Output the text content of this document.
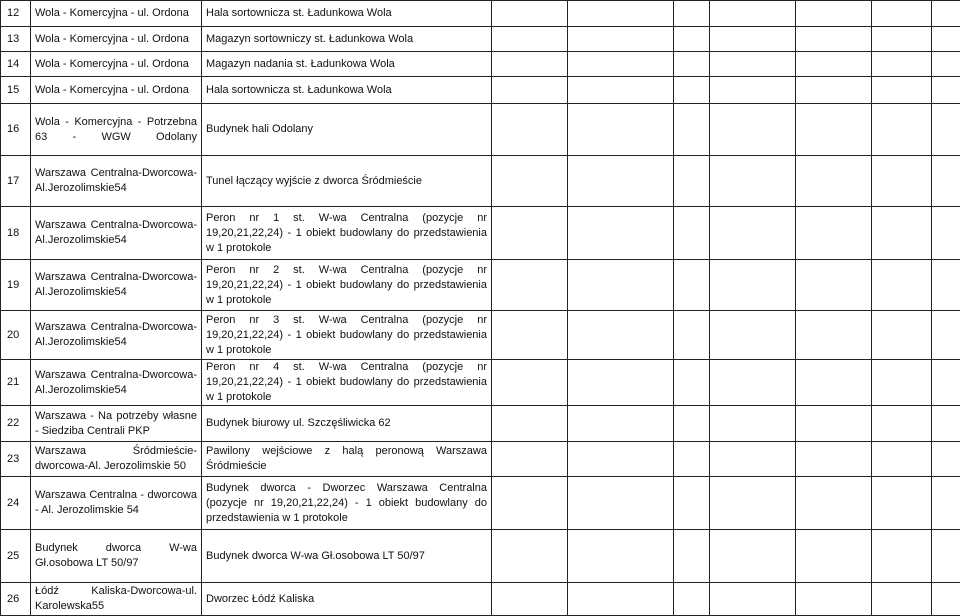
12	Wola - Komercyjna - ul. Ordona	Hala sortownicza st. Ładunkowa Wola							
13	Wola - Komercyjna - ul. Ordona	Magazyn sortowniczy st. Ładunkowa Wola							
14	Wola - Komercyjna - ul. Ordona	Magazyn nadania st. Ładunkowa Wola							
15	Wola - Komercyjna - ul. Ordona	Hala sortownicza st. Ładunkowa Wola							
16	Wola - Komercyjna - Potrzebna 63 - WGW Odolany	Budynek hali Odolany							
17	Warszawa Centralna-Dworcowa-Al.Jerozolimskie54	Tunel łączący wyjście z dworca Śródmieście							
18	Warszawa Centralna-Dworcowa-Al.Jerozolimskie54	Peron nr 1 st. W-wa Centralna (pozycje nr 19,20,21,22,24) - 1 obiekt budowlany do przedstawienia w 1 protokole							
19	Warszawa Centralna-Dworcowa-Al.Jerozolimskie54	Peron nr 2 st. W-wa Centralna (pozycje nr 19,20,21,22,24) - 1 obiekt budowlany do przedstawienia w 1 protokole							
20	Warszawa Centralna-Dworcowa-Al.Jerozolimskie54	Peron nr 3 st. W-wa Centralna (pozycje nr 19,20,21,22,24) - 1 obiekt budowlany do przedstawienia w 1 protokole							
21	Warszawa Centralna-Dworcowa-Al.Jerozolimskie54	Peron nr 4 st. W-wa Centralna (pozycje nr 19,20,21,22,24) - 1 obiekt budowlany do przedstawienia w 1 protokole							
22	Warszawa - Na potrzeby własne - Siedziba Centrali PKP	Budynek biurowy ul. Szczęśliwicka 62							
23	Warszawa Śródmieście-dworcowa-Al. Jerozolimskie 50	Pawilony wejściowe z halą peronową Warszawa Śródmieście							
24	Warszawa Centralna - dworcowa - Al. Jerozolimskie 54	Budynek dworca - Dworzec Warszawa Centralna (pozycje nr 19,20,21,22,24) - 1 obiekt budowlany do przedstawienia w 1 protokole							
25	Budynek dworca W-wa Gł.osobowa LT 50/97	Budynek dworca W-wa Gł.osobowa LT 50/97							
26	Łódź Kaliska-Dworcowa-ul. Karolewska55	Dworzec Łódź Kaliska							
